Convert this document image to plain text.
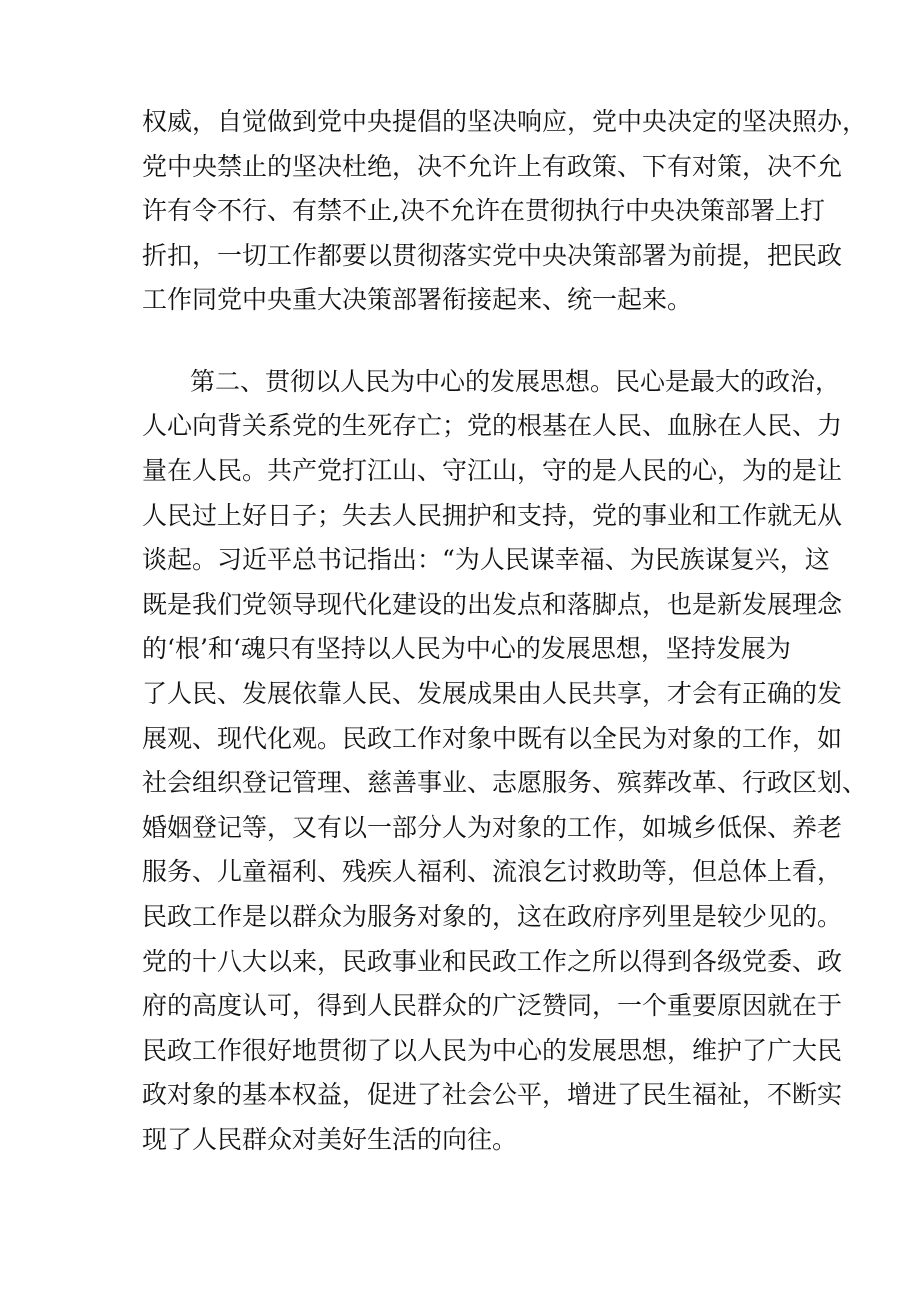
权威，自觉做到党中央提倡的坚决响应，党中央决定的坚决照办，
党中央禁止的坚决杜绝，决不允许上有政策、下有对策，决不允
许有令不行、有禁不止,决不允许在贯彻执行中央决策部署上打
折扣，一切工作都要以贯彻落实党中央决策部署为前提，把民政
工作同党中央重大决策部署衔接起来、统一起来。
第二、贯彻以人民为中心的发展思想。民心是最大的政治，
人心向背关系党的生死存亡；党的根基在人民、血脉在人民、力
量在人民。共产党打江山、守江山，守的是人民的心，为的是让
人民过上好日子；失去人民拥护和支持，党的事业和工作就无从
谈起。习近平总书记指出：“为人民谋幸福、为民族谋复兴，这
既是我们党领导现代化建设的出发点和落脚点，也是新发展理念
的‘根’和‘魂只有坚持以人民为中心的发展思想，坚持发展为
了人民、发展依靠人民、发展成果由人民共享，才会有正确的发
展观、现代化观。民政工作对象中既有以全民为对象的工作，如
社会组织登记管理、慈善事业、志愿服务、殡葬改革、行政区划、
婚姻登记等，又有以一部分人为对象的工作，如城乡低保、养老
服务、儿童福利、残疾人福利、流浪乞讨救助等，但总体上看，
民政工作是以群众为服务对象的，这在政府序列里是较少见的。
党的十八大以来，民政事业和民政工作之所以得到各级党委、政
府的高度认可，得到人民群众的广泛赞同，一个重要原因就在于
民政工作很好地贯彻了以人民为中心的发展思想，维护了广大民
政对象的基本权益，促进了社会公平，增进了民生福祉，不断实
现了人民群众对美好生活的向往。
